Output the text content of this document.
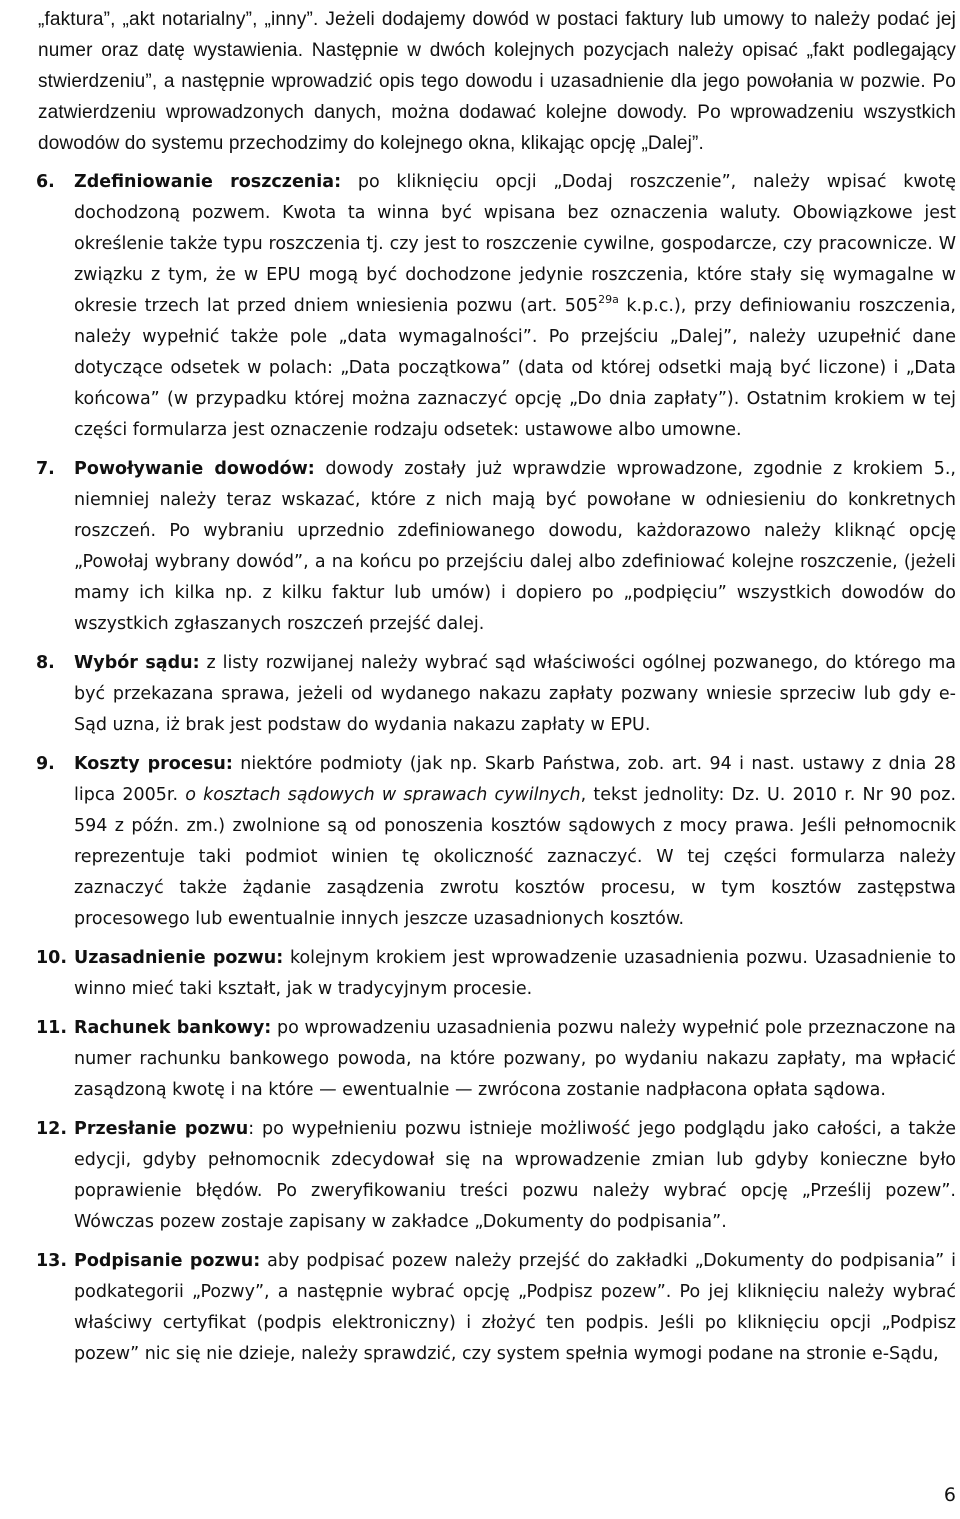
„faktura”, „akt notarialny”, „inny”. Jeżeli dodajemy dowód w postaci faktury lub umowy to należy podać jej numer oraz datę wystawienia. Następnie w dwóch kolejnych pozycjach należy opisać „fakt podlegający stwierdzeniu”, a następnie wprowadzić opis tego dowodu i uzasadnienie dla jego powołania w pozwie. Po zatwierdzeniu wprowadzonych danych, można dodawać kolejne dowody. Po wprowadzeniu wszystkich dowodów do systemu przechodzimy do kolejnego okna, klikając opcję „Dalej”.

6.	Zdefiniowanie roszczenia: po kliknięciu opcji „Dodaj roszczenie”, należy wpisać kwotę dochodzoną pozwem. Kwota ta winna być wpisana bez oznaczenia waluty. Obowiązkowe jest określenie także typu roszczenia tj. czy jest to roszczenie cywilne, gospodarcze, czy pracownicze. W związku z tym, że w EPU mogą być dochodzone jedynie roszczenia, które stały się wymagalne w okresie trzech lat przed dniem wniesienia pozwu (art. $505^{29a}$ k.p.c.), przy definiowaniu roszczenia, należy wypełnić także pole „data wymagalności”. Po przejściu „Dalej”, należy uzupełnić dane dotyczące odsetek w polach: „Data początkowa” (data od której odsetki mają być liczone) i „Data końcowa” (w przypadku której można zaznaczyć opcję „Do dnia zapłaty”). Ostatnim krokiem w tej części formularza jest oznaczenie rodzaju odsetek: ustawowe albo umowne.
7.	Powoływanie dowodów: dowody zostały już wprawdzie wprowadzone, zgodnie z krokiem 5., niemniej należy teraz wskazać, które z nich mają być powołane w odniesieniu do konkretnych roszczeń. Po wybraniu uprzednio zdefiniowanego dowodu, każdorazowo należy kliknąć opcję „Powołaj wybrany dowód”, a na końcu po przejściu dalej albo zdefiniować kolejne roszczenie, (jeżeli mamy ich kilka np. z kilku faktur lub umów) i dopiero po „podpięciu” wszystkich dowodów do wszystkich zgłaszanych roszczeń przejść dalej.
8.	Wybór sądu: z listy rozwijanej należy wybrać sąd właściwości ogólnej pozwanego, do którego ma być przekazana sprawa, jeżeli od wydanego nakazu zapłaty pozwany wniesie sprzeciw lub gdy e-Sąd uzna, iż brak jest podstaw do wydania nakazu zapłaty w EPU.
9.	Koszty procesu: niektóre podmioty (jak np. Skarb Państwa, zob. art. 94 i nast. ustawy z dnia 28 lipca 2005r. o kosztach sądowych w sprawach cywilnych, tekst jednolity: Dz. U. 2010 r. Nr 90 poz. 594 z późn. zm.) zwolnione są od ponoszenia kosztów sądowych z mocy prawa. Jeśli pełnomocnik reprezentuje taki podmiot winien tę okoliczność zaznaczyć. W tej części formularza należy zaznaczyć także żądanie zasądzenia zwrotu kosztów procesu, w tym kosztów zastępstwa procesowego lub ewentualnie innych jeszcze uzasadnionych kosztów.
10. Uzasadnienie pozwu: kolejnym krokiem jest wprowadzenie uzasadnienia pozwu. Uzasadnienie to winno mieć taki kształt, jak w tradycyjnym procesie.
11. Rachunek bankowy: po wprowadzeniu uzasadnienia pozwu należy wypełnić pole przeznaczone na numer rachunku bankowego powoda, na które pozwany, po wydaniu nakazu zapłaty, ma wpłacić zasądzoną kwotę i na które — ewentualnie — zwrócona zostanie nadpłacona opłata sądowa.
12. Przesłanie pozwu: po wypełnieniu pozwu istnieje możliwość jego podglądu jako całości, a także edycji, gdyby pełnomocnik zdecydował się na wprowadzenie zmian lub gdyby konieczne było poprawienie błędów. Po zweryfikowaniu treści pozwu należy wybrać opcję „Prześlij pozew”. Wówczas pozew zostaje zapisany w zakładce „Dokumenty do podpisania”.
13. Podpisanie pozwu: aby podpisać pozew należy przejść do zakładki „Dokumenty do podpisania” i podkategorii „Pozwy”, a następnie wybrać opcję „Podpisz pozew”. Po jej kliknięciu należy wybrać właściwy certyfikat (podpis elektroniczny) i złożyć ten podpis. Jeśli po kliknięciu opcji „Podpisz pozew” nic się nie dzieje, należy sprawdzić, czy system spełnia wymogi podane na stronie e-Sądu,
6
